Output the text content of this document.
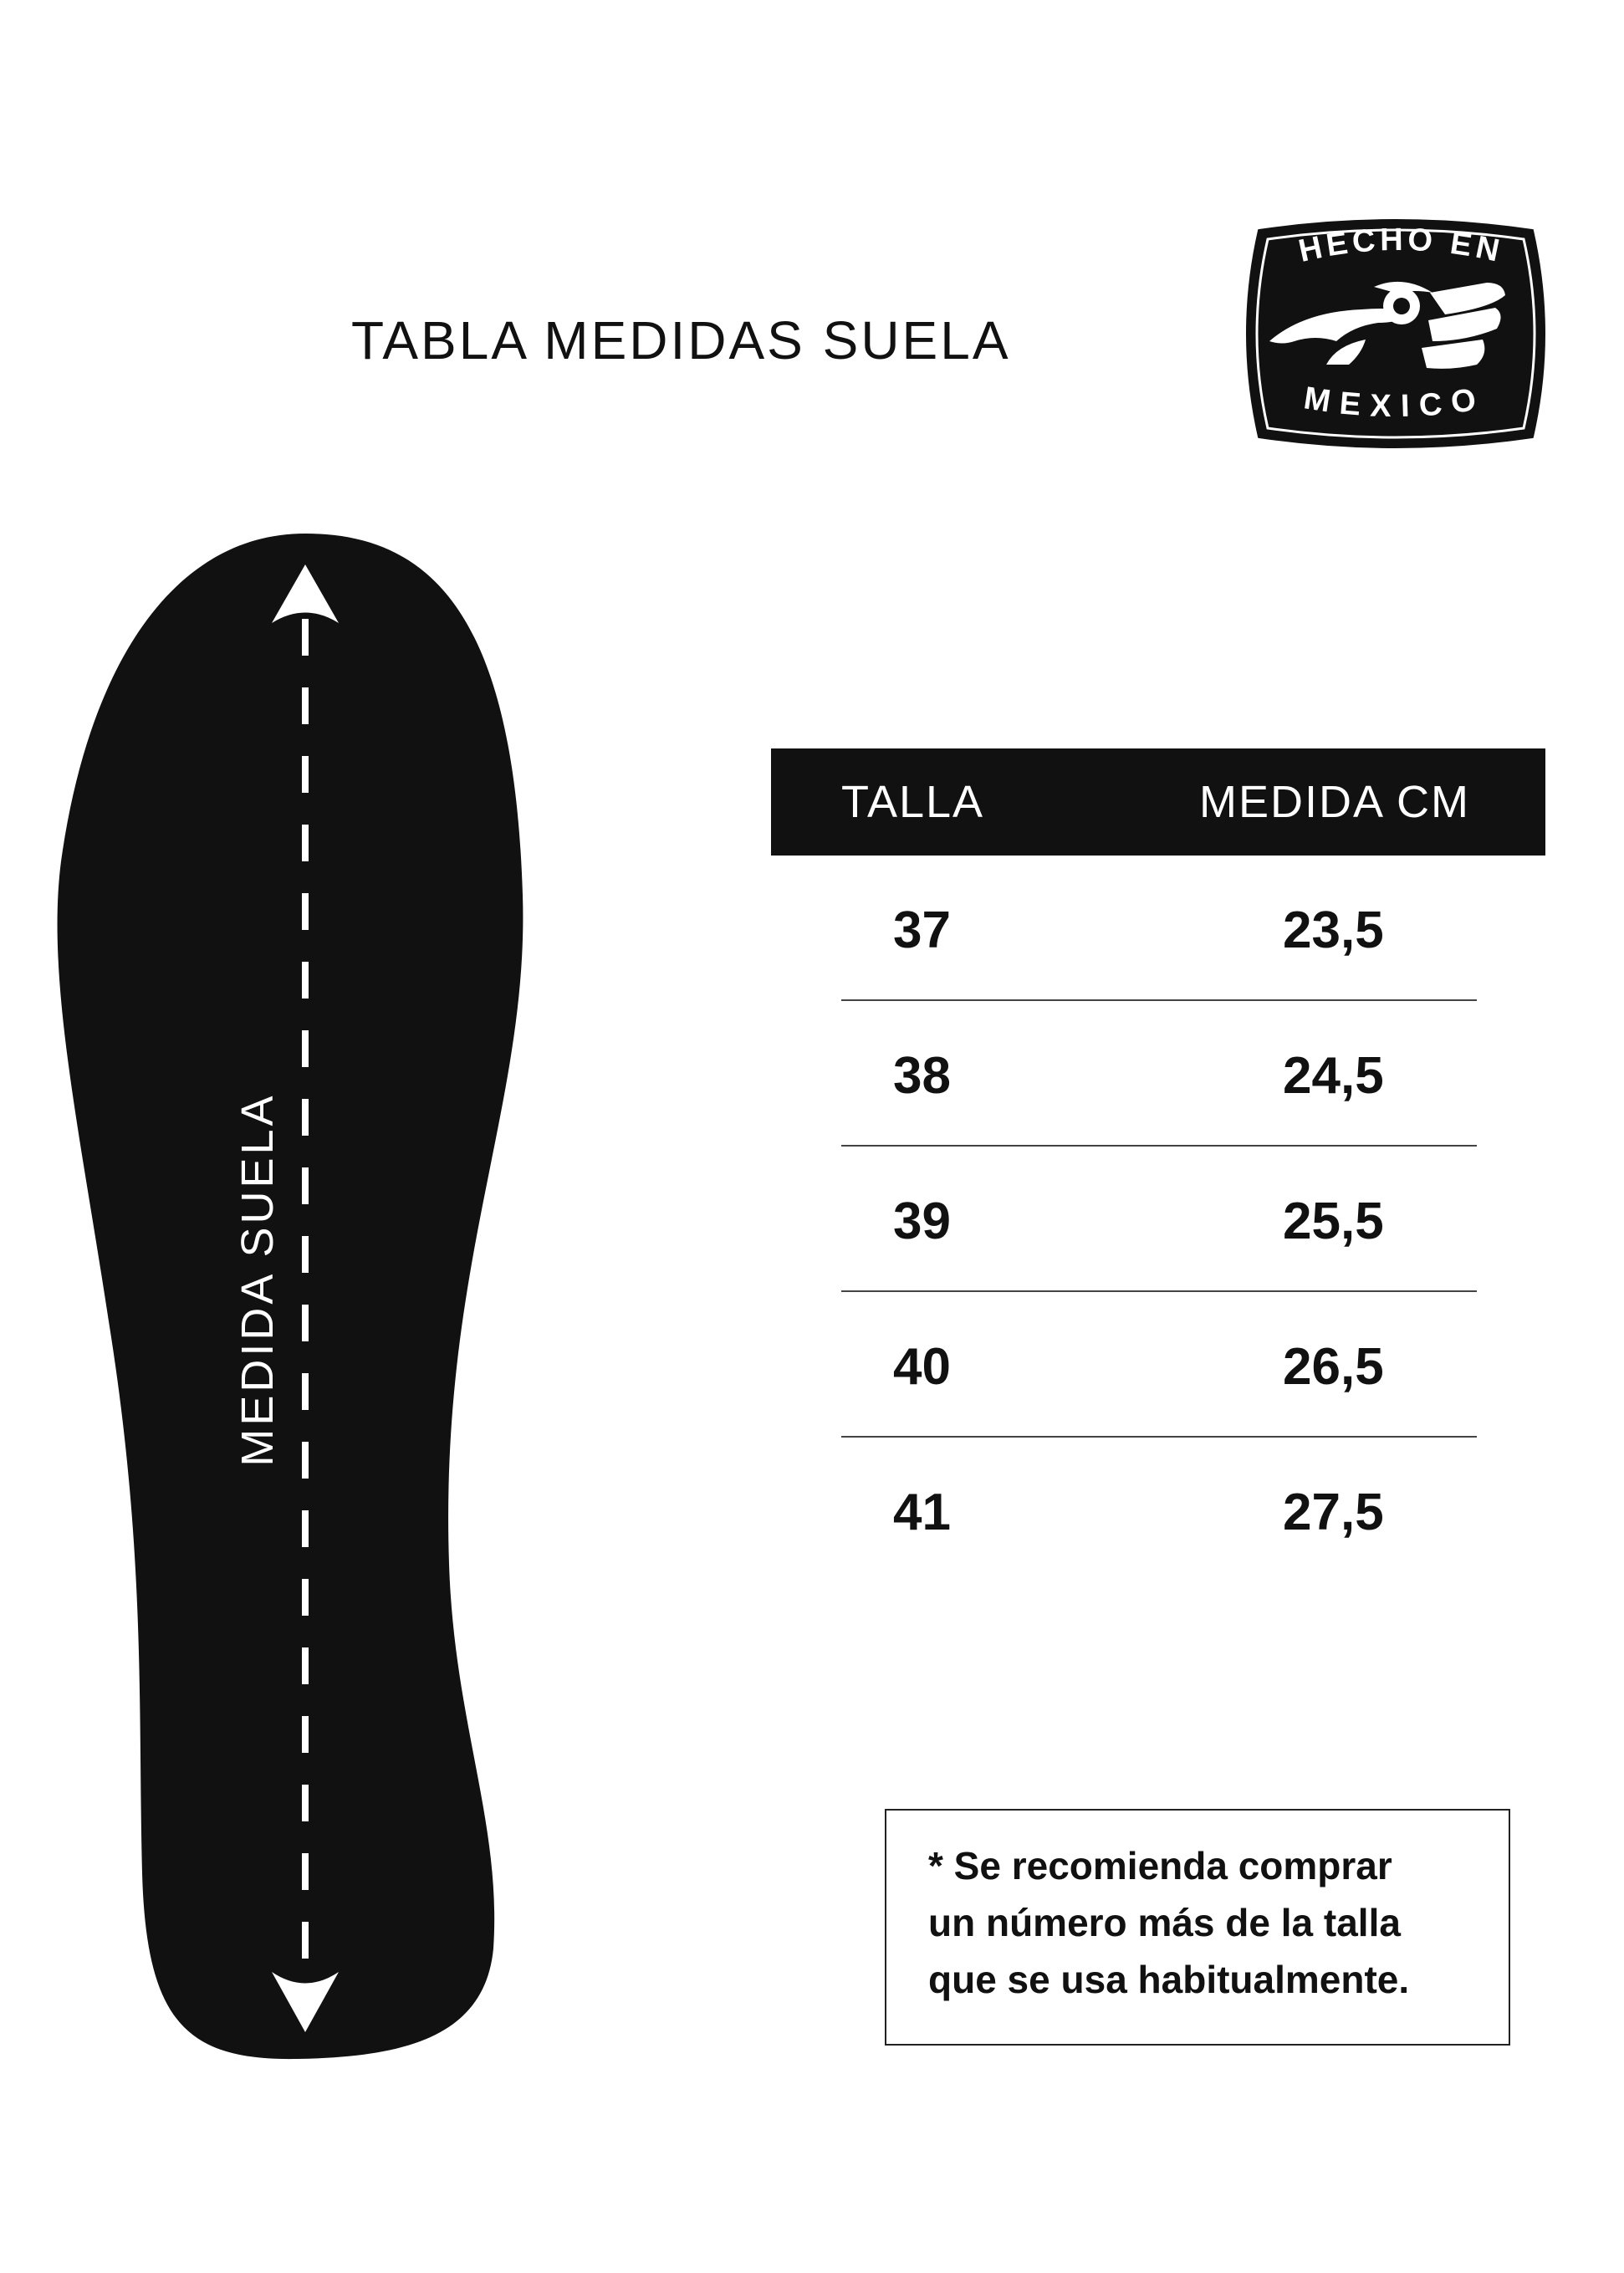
TABLA MEDIDAS SUELA
HECHO EN
MEXICO
MEDIDA SUELA
TALLA	MEDIDA CM
37	23,5
38	24,5
39	25,5
40	26,5
41	27,5
* Se recomienda comprar
un número más de la talla
que se usa habitualmente.
